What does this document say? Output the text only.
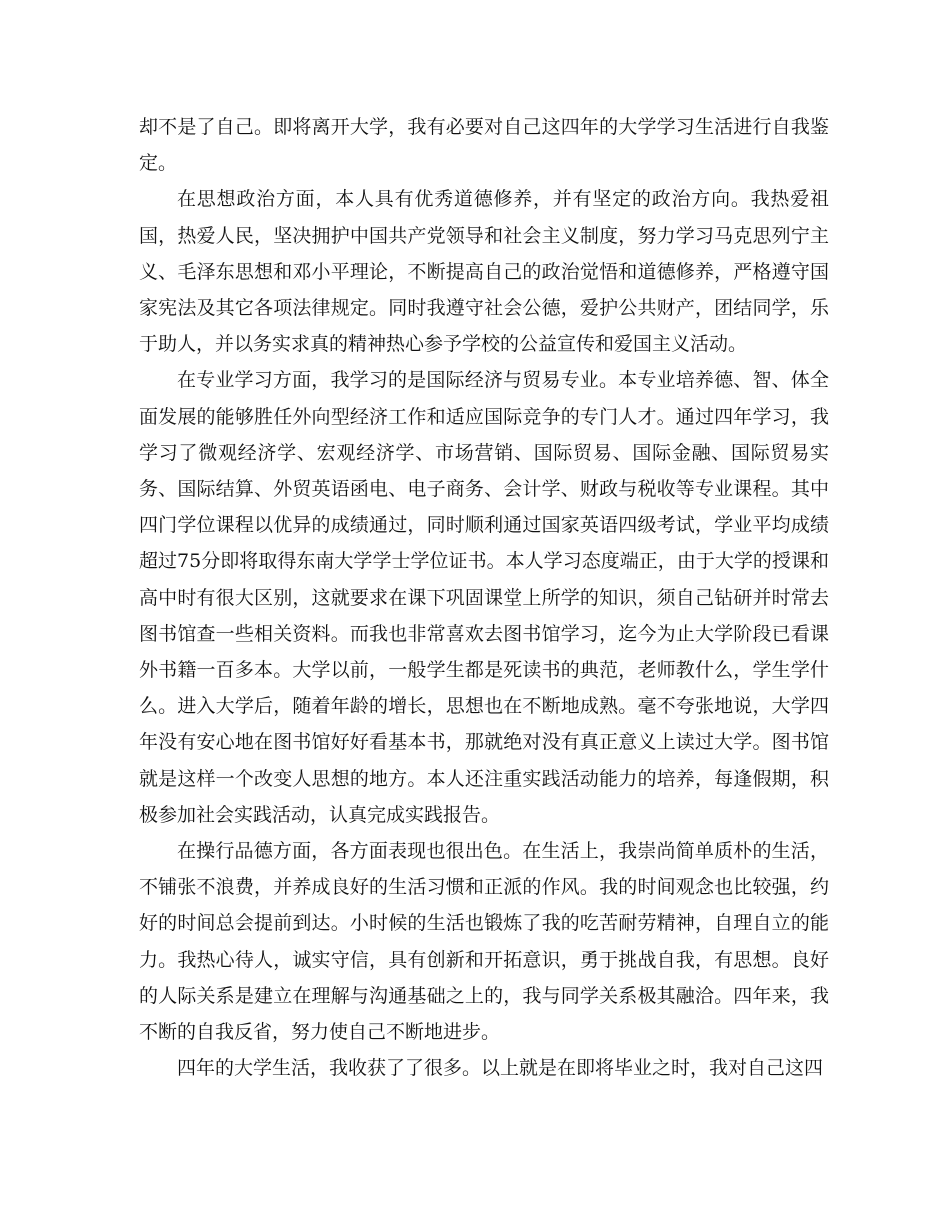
却不是了自己。即将离开大学，我有必要对自己这四年的大学学习生活进行自我鉴定。

在思想政治方面，本人具有优秀道德修养，并有坚定的政治方向。我热爱祖国，热爱人民，坚决拥护中国共产党领导和社会主义制度，努力学习马克思列宁主义、毛泽东思想和邓小平理论，不断提高自己的政治觉悟和道德修养，严格遵守国家宪法及其它各项法律规定。同时我遵守社会公德，爱护公共财产，团结同学，乐于助人，并以务实求真的精神热心参予学校的公益宣传和爱国主义活动。

在专业学习方面，我学习的是国际经济与贸易专业。本专业培养德、智、体全面发展的能够胜任外向型经济工作和适应国际竞争的专门人才。通过四年学习，我学习了微观经济学、宏观经济学、市场营销、国际贸易、国际金融、国际贸易实务、国际结算、外贸英语函电、电子商务、会计学、财政与税收等专业课程。其中四门学位课程以优异的成绩通过，同时顺利通过国家英语四级考试，学业平均成绩超过75分即将取得东南大学学士学位证书。本人学习态度端正，由于大学的授课和高中时有很大区别，这就要求在课下巩固课堂上所学的知识，须自己钻研并时常去图书馆查一些相关资料。而我也非常喜欢去图书馆学习，迄今为止大学阶段已看课外书籍一百多本。大学以前，一般学生都是死读书的典范，老师教什么，学生学什么。进入大学后，随着年龄的增长，思想也在不断地成熟。毫不夸张地说，大学四年没有安心地在图书馆好好看基本书，那就绝对没有真正意义上读过大学。图书馆就是这样一个改变人思想的地方。本人还注重实践活动能力的培养，每逢假期，积极参加社会实践活动，认真完成实践报告。

在操行品德方面，各方面表现也很出色。在生活上，我崇尚简单质朴的生活，不铺张不浪费，并养成良好的生活习惯和正派的作风。我的时间观念也比较强，约好的时间总会提前到达。小时候的生活也锻炼了我的吃苦耐劳精神，自理自立的能力。我热心待人，诚实守信，具有创新和开拓意识，勇于挑战自我，有思想。良好的人际关系是建立在理解与沟通基础之上的，我与同学关系极其融洽。四年来，我不断的自我反省，努力使自己不断地进步。

四年的大学生活，我收获了了很多。以上就是在即将毕业之时，我对自己这四
